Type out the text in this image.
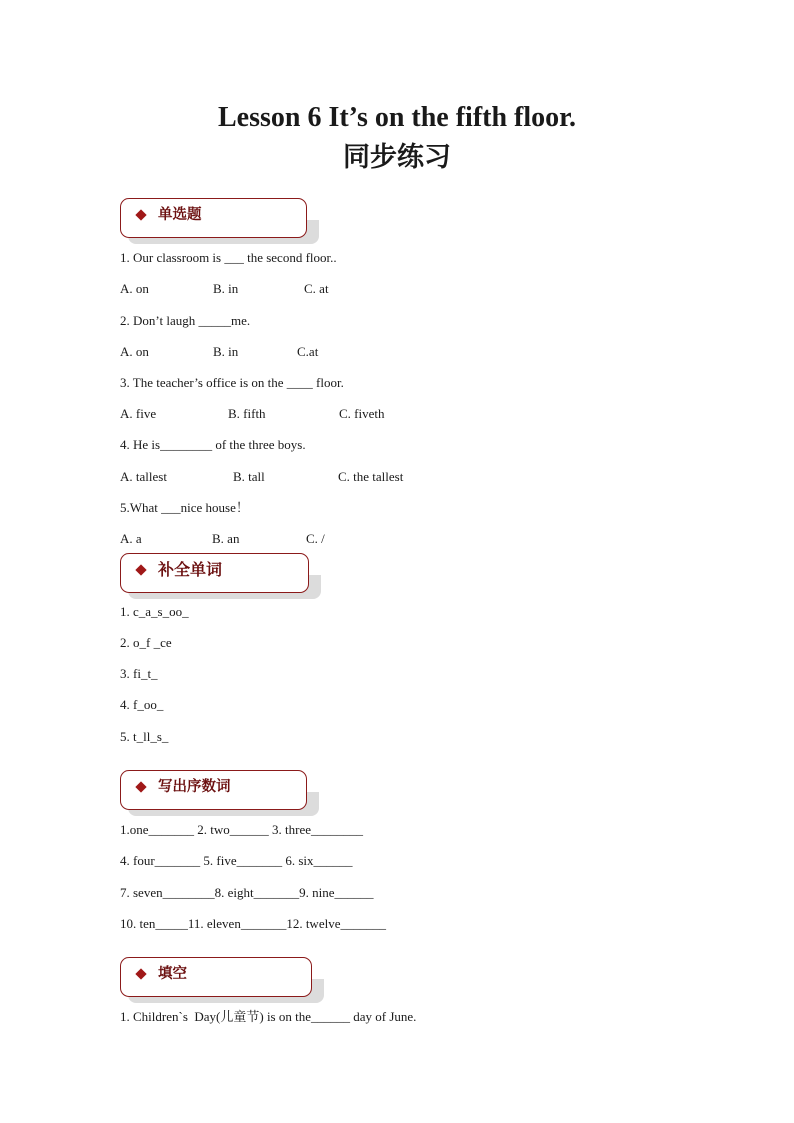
Lesson 6 It’s on the fifth floor.
同步练习
单选题
1. Our classroom is ___ the second floor..
A. on	B. in	C. at
2. Don’t laugh _____me.
A. on	B. in	C.at
3. The teacher’s office is on the ____ floor.
A. five	B. fifth	C. fiveth
4. He is________ of the three boys.
A. tallest	B. tall	C. the tallest
5.What ___nice house！
A. a	B. an	C. /
补全单词
1. c_a_s_oo_
2. o_f _ce
3. fi_t_
4. f_oo_
5. t_ll_s_
写出序数词
1.one_______ 2. two______ 3. three________
4. four_______ 5. five_______ 6. six______
7. seven________8. eight_______9. nine______
10. ten_____11. eleven_______12. twelve_______
填空
1. Children`s  Day(儿童节) is on the______ day of June.
